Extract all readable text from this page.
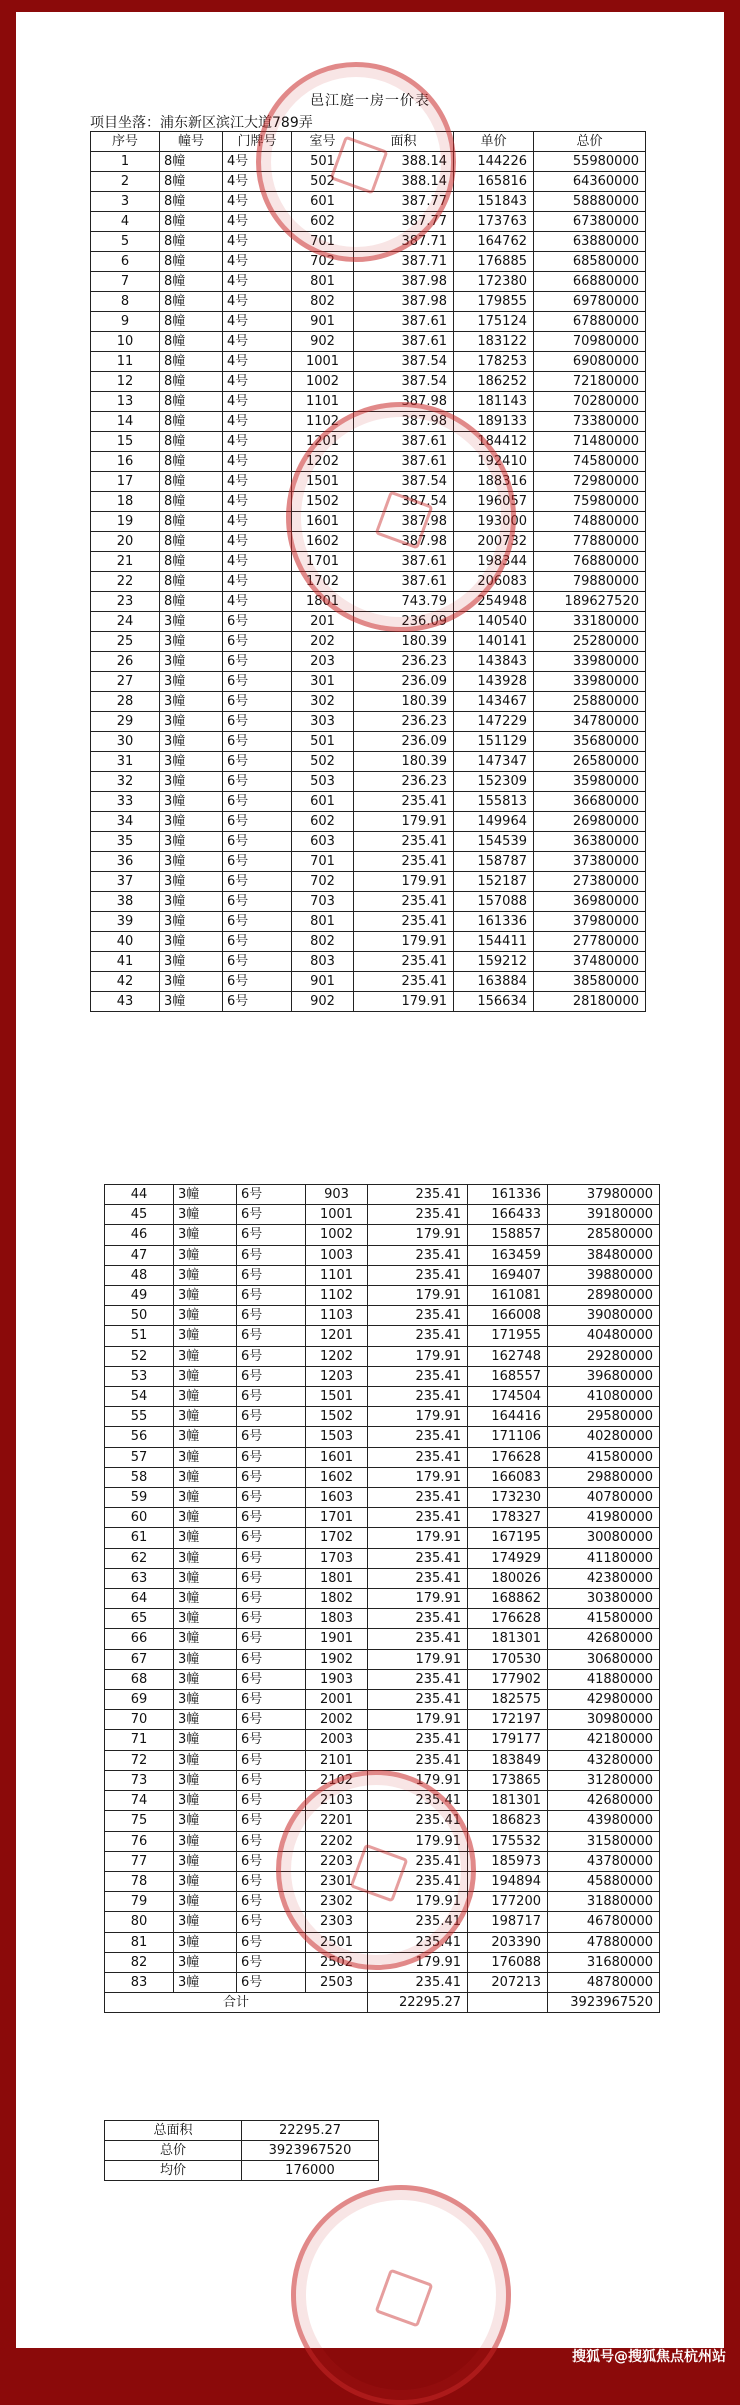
邑江庭一房一价表
项目坐落：浦东新区滨江大道789弄
序号	幢号	门牌号	室号	面积	单价	总价
1	8幢	4号	501	388.14	144226	55980000
2	8幢	4号	502	388.14	165816	64360000
3	8幢	4号	601	387.77	151843	58880000
4	8幢	4号	602	387.77	173763	67380000
5	8幢	4号	701	387.71	164762	63880000
6	8幢	4号	702	387.71	176885	68580000
7	8幢	4号	801	387.98	172380	66880000
8	8幢	4号	802	387.98	179855	69780000
9	8幢	4号	901	387.61	175124	67880000
10	8幢	4号	902	387.61	183122	70980000
11	8幢	4号	1001	387.54	178253	69080000
12	8幢	4号	1002	387.54	186252	72180000
13	8幢	4号	1101	387.98	181143	70280000
14	8幢	4号	1102	387.98	189133	73380000
15	8幢	4号	1201	387.61	184412	71480000
16	8幢	4号	1202	387.61	192410	74580000
17	8幢	4号	1501	387.54	188316	72980000
18	8幢	4号	1502	387.54	196057	75980000
19	8幢	4号	1601	387.98	193000	74880000
20	8幢	4号	1602	387.98	200732	77880000
21	8幢	4号	1701	387.61	198344	76880000
22	8幢	4号	1702	387.61	206083	79880000
23	8幢	4号	1801	743.79	254948	189627520
24	3幢	6号	201	236.09	140540	33180000
25	3幢	6号	202	180.39	140141	25280000
26	3幢	6号	203	236.23	143843	33980000
27	3幢	6号	301	236.09	143928	33980000
28	3幢	6号	302	180.39	143467	25880000
29	3幢	6号	303	236.23	147229	34780000
30	3幢	6号	501	236.09	151129	35680000
31	3幢	6号	502	180.39	147347	26580000
32	3幢	6号	503	236.23	152309	35980000
33	3幢	6号	601	235.41	155813	36680000
34	3幢	6号	602	179.91	149964	26980000
35	3幢	6号	603	235.41	154539	36380000
36	3幢	6号	701	235.41	158787	37380000
37	3幢	6号	702	179.91	152187	27380000
38	3幢	6号	703	235.41	157088	36980000
39	3幢	6号	801	235.41	161336	37980000
40	3幢	6号	802	179.91	154411	27780000
41	3幢	6号	803	235.41	159212	37480000
42	3幢	6号	901	235.41	163884	38580000
43	3幢	6号	902	179.91	156634	28180000
44	3幢	6号	903	235.41	161336	37980000
45	3幢	6号	1001	235.41	166433	39180000
46	3幢	6号	1002	179.91	158857	28580000
47	3幢	6号	1003	235.41	163459	38480000
48	3幢	6号	1101	235.41	169407	39880000
49	3幢	6号	1102	179.91	161081	28980000
50	3幢	6号	1103	235.41	166008	39080000
51	3幢	6号	1201	235.41	171955	40480000
52	3幢	6号	1202	179.91	162748	29280000
53	3幢	6号	1203	235.41	168557	39680000
54	3幢	6号	1501	235.41	174504	41080000
55	3幢	6号	1502	179.91	164416	29580000
56	3幢	6号	1503	235.41	171106	40280000
57	3幢	6号	1601	235.41	176628	41580000
58	3幢	6号	1602	179.91	166083	29880000
59	3幢	6号	1603	235.41	173230	40780000
60	3幢	6号	1701	235.41	178327	41980000
61	3幢	6号	1702	179.91	167195	30080000
62	3幢	6号	1703	235.41	174929	41180000
63	3幢	6号	1801	235.41	180026	42380000
64	3幢	6号	1802	179.91	168862	30380000
65	3幢	6号	1803	235.41	176628	41580000
66	3幢	6号	1901	235.41	181301	42680000
67	3幢	6号	1902	179.91	170530	30680000
68	3幢	6号	1903	235.41	177902	41880000
69	3幢	6号	2001	235.41	182575	42980000
70	3幢	6号	2002	179.91	172197	30980000
71	3幢	6号	2003	235.41	179177	42180000
72	3幢	6号	2101	235.41	183849	43280000
73	3幢	6号	2102	179.91	173865	31280000
74	3幢	6号	2103	235.41	181301	42680000
75	3幢	6号	2201	235.41	186823	43980000
76	3幢	6号	2202	179.91	175532	31580000
77	3幢	6号	2203	235.41	185973	43780000
78	3幢	6号	2301	235.41	194894	45880000
79	3幢	6号	2302	179.91	177200	31880000
80	3幢	6号	2303	235.41	198717	46780000
81	3幢	6号	2501	235.41	203390	47880000
82	3幢	6号	2502	179.91	176088	31680000
83	3幢	6号	2503	235.41	207213	48780000
合计				22295.27		3923967520
总面积	22295.27
总价	3923967520
均价	176000
搜狐号@搜狐焦点杭州站
